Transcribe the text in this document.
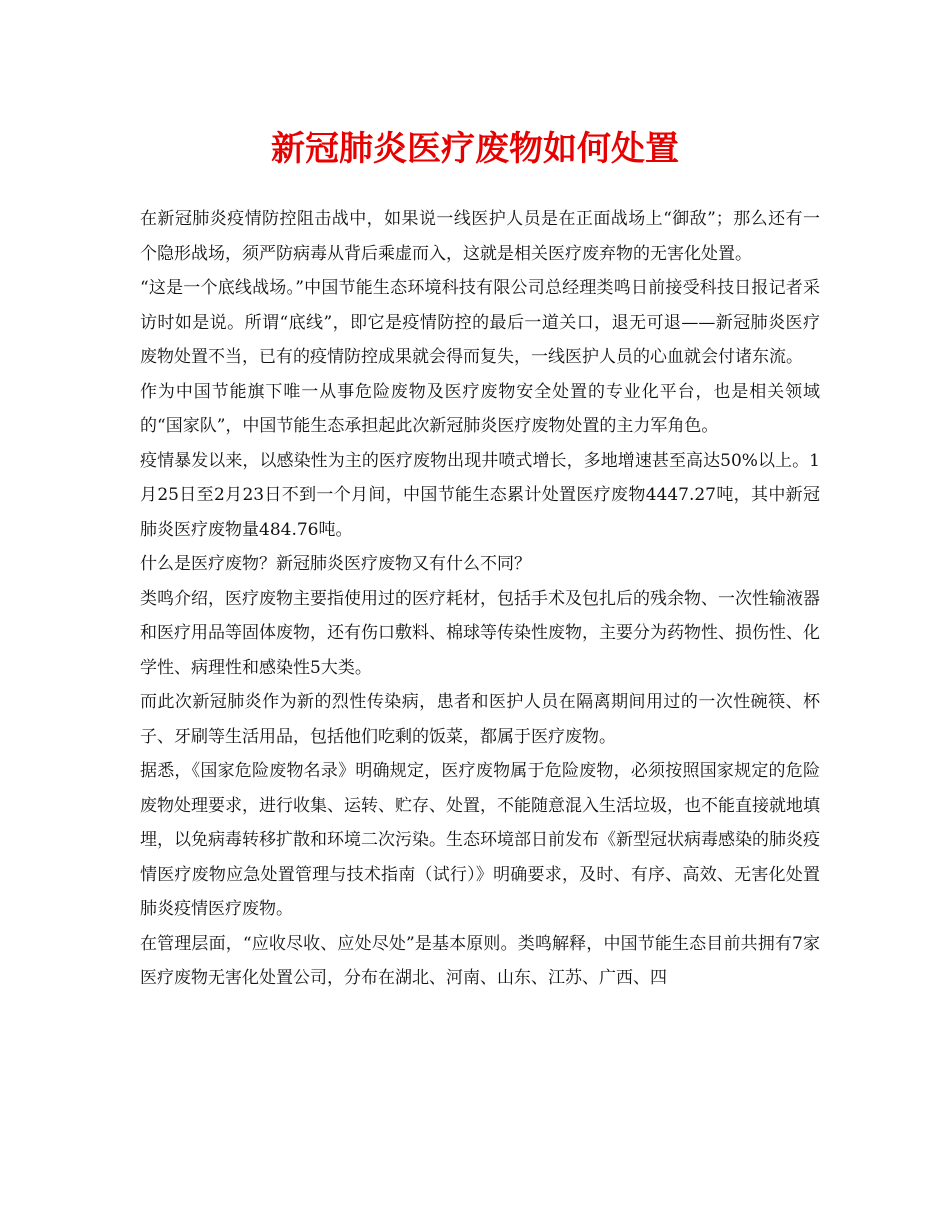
新冠肺炎医疗废物如何处置

在新冠肺炎疫情防控阻击战中，如果说一线医护人员是在正面战场上“御敌”；那么还有一个隐形战场，须严防病毒从背后乘虚而入，这就是相关医疗废弃物的无害化处置。

“这是一个底线战场。”中国节能生态环境科技有限公司总经理类鸣日前接受科技日报记者采访时如是说。所谓“底线”，即它是疫情防控的最后一道关口，退无可退——新冠肺炎医疗废物处置不当，已有的疫情防控成果就会得而复失，一线医护人员的心血就会付诸东流。

作为中国节能旗下唯一从事危险废物及医疗废物安全处置的专业化平台，也是相关领域的“国家队”，中国节能生态承担起此次新冠肺炎医疗废物处置的主力军角色。

疫情暴发以来，以感染性为主的医疗废物出现井喷式增长，多地增速甚至高达50%以上。1月25日至2月23日不到一个月间，中国节能生态累计处置医疗废物4447.27吨，其中新冠肺炎医疗废物量484.76吨。

什么是医疗废物？新冠肺炎医疗废物又有什么不同？

类鸣介绍，医疗废物主要指使用过的医疗耗材，包括手术及包扎后的残余物、一次性输液器和医疗用品等固体废物，还有伤口敷料、棉球等传染性废物，主要分为药物性、损伤性、化学性、病理性和感染性5大类。

而此次新冠肺炎作为新的烈性传染病，患者和医护人员在隔离期间用过的一次性碗筷、杯子、牙刷等生活用品，包括他们吃剩的饭菜，都属于医疗废物。

据悉，《国家危险废物名录》明确规定，医疗废物属于危险废物，必须按照国家规定的危险废物处理要求，进行收集、运转、贮存、处置，不能随意混入生活垃圾，也不能直接就地填埋，以免病毒转移扩散和环境二次污染。生态环境部日前发布《新型冠状病毒感染的肺炎疫情医疗废物应急处置管理与技术指南（试行）》明确要求，及时、有序、高效、无害化处置肺炎疫情医疗废物。

在管理层面，“应收尽收、应处尽处”是基本原则。类鸣解释，中国节能生态目前共拥有7家医疗废物无害化处置公司，分布在湖北、河南、山东、江苏、广西、四
